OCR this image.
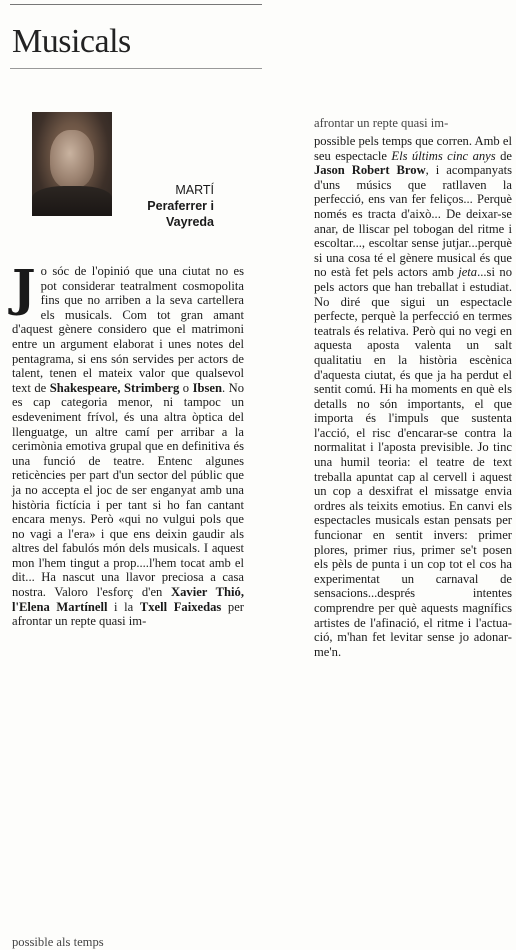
Musicals
MARTÍ
Peraferrer i
Vayreda

Jo sóc de l'opinió que una ciutat no es pot considerar teatralment cosmopolita fins que no arriben a la seva cartellera els musicals. Com tot gran amant d'aquest gènere considero que el matrimoni entre un argument elaborat i unes notes del pentagrama, si ens són servides per actors de talent, tenen el mateix valor que qualsevol text de Shakespeare, Strimberg o Ibsen. No es cap categoria menor, ni tampoc un esdeveniment frívol, és una altra òptica del llenguatge, un altre camí per arribar a la cerimònia emotiva grupal que en definitiva és una funció de teatre. Entenc algunes reticències per part d'un sector del públic que ja no accepta el joc de ser enganyat amb una història fictícia i per tant si ho fan cantant encara menys. Però «qui no vulgui pols que no vagi a l'era» i que ens deixin gaudir als altres del fabulós món dels musicals. I aquest mon l'hem tingut a prop....l'hem tocat amb el dit... Ha nascut una llavor preciosa a casa nostra. Valoro l'esforç d'en Xavier Thió, l'Elena Martínell i la Txell Faixedas per afrontar un repte quasi im-

possible als temps
afrontar un repte quasi im-

possible pels temps que corren. Amb el seu espectacle Els últims cinc anys de Jason Robert Brow, i acompanyats d'uns músics que ratllaven la perfecció, ens van fer feliços... Perquè només es tracta d'això... De deixar-se anar, de lliscar pel tobogan del ritme i escoltar..., escoltar sense jutjar...perquè si una cosa té el gènere musical és que no està fet pels actors amb jeta...si no pels actors que han treballat i estudiat. No diré que sigui un espectacle perfecte, perquè la perfecció en termes teatrals és relativa. Però qui no vegi en aquesta aposta valenta un salt qualitatiu en la història escènica d'aquesta ciutat, és que ja ha perdut el sentit comú. Hi ha moments en què els detalls no són importants, el que importa és l'impuls que sustenta l'acció, el risc d'encarar-se contra la normalitat i l'aposta previsible. Jo tinc una humil teoria: el teatre de text treballa apuntat cap al cervell i aquest un cop a desxifrat el missatge envia ordres als teixits emotius. En canvi els espectacles musicals estan pensats per funcionar en sentit invers: primer plores, primer rius, primer se't posen els pèls de punta i un cop tot el cos ha experimentat un carnaval de sensacions...després intentes comprendre per què aquests magnífics artistes de l'afinació, el ritme i l'actuació, m'han fet levitar sense jo adonar-me'n.
